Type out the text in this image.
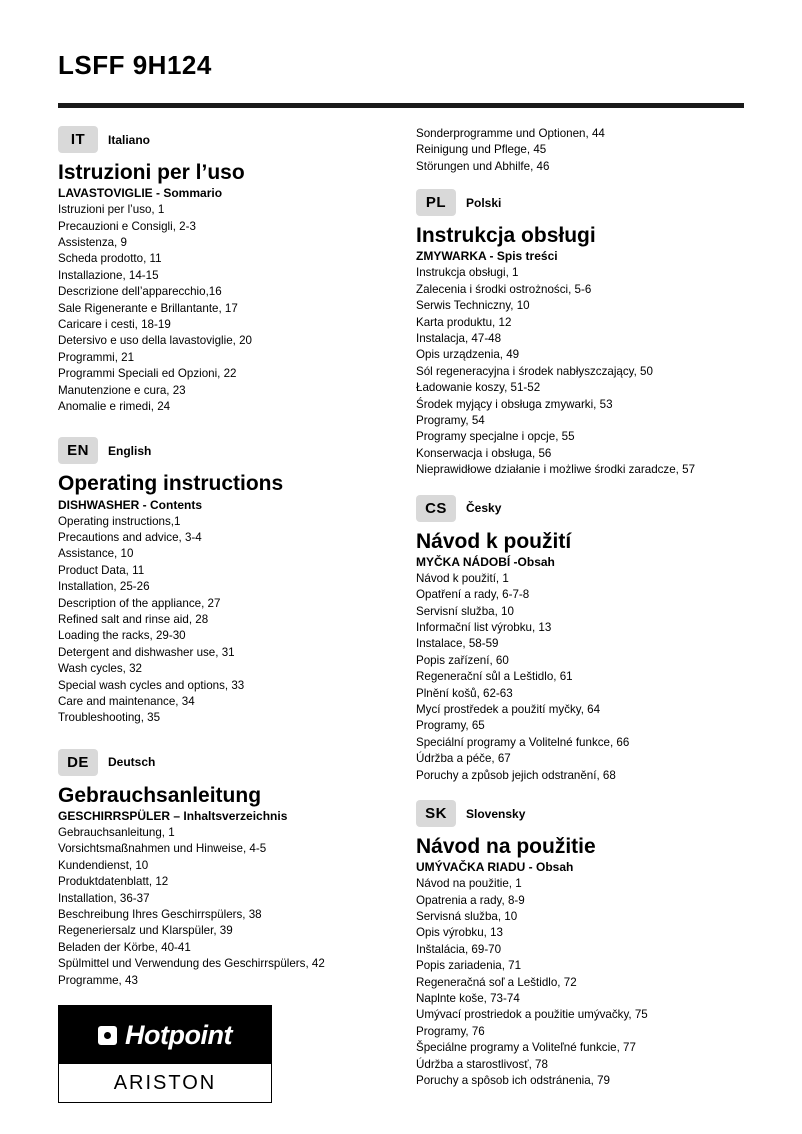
LSFF 9H124
IT	Italiano
Istruzioni per l’uso
LAVASTOVIGLIE - Sommario
Istruzioni per l’uso, 1
Precauzioni e Consigli, 2-3
Assistenza, 9
Scheda prodotto, 11
Installazione, 14-15
Descrizione dell’apparecchio,16
Sale Rigenerante e Brillantante, 17
Caricare i cesti, 18-19
Detersivo e uso della lavastoviglie, 20
Programmi, 21
Programmi Speciali ed Opzioni, 22
Manutenzione e cura, 23
Anomalie e rimedi, 24
EN	English
Operating instructions
DISHWASHER - Contents
Operating instructions,1
Precautions and advice, 3-4
Assistance, 10
Product Data, 11
Installation, 25-26
Description of the appliance, 27
Refined salt and rinse aid, 28
Loading the racks, 29-30
Detergent and dishwasher use, 31
Wash cycles, 32
Special wash cycles and options, 33
Care and maintenance, 34
Troubleshooting, 35
DE	Deutsch
Gebrauchsanleitung
GESCHIRRSPÜLER – Inhaltsverzeichnis
Gebrauchsanleitung, 1
Vorsichtsmaßnahmen und Hinweise, 4-5
Kundendienst, 10
Produktdatenblatt, 12
Installation, 36-37
Beschreibung Ihres Geschirrspülers, 38
Regeneriersalz und Klarspüler, 39
Beladen der Körbe, 40-41
Spülmittel und Verwendung des Geschirrspülers, 42
Programme, 43
Hotpoint
ARISTON
Sonderprogramme und Optionen, 44
Reinigung und Pflege, 45
Störungen und Abhilfe, 46
PL	Polski
Instrukcja obsługi
ZMYWARKA - Spis treści
Instrukcja obsługi, 1
Zalecenia i środki ostrożności, 5-6
Serwis Techniczny, 10
Karta produktu, 12
Instalacja, 47-48
Opis urządzenia, 49
Sól regeneracyjna i środek nabłyszczający, 50
Ładowanie koszy, 51-52
Środek myjący i obsługa zmywarki, 53
Programy, 54
Programy specjalne i opcje, 55
Konserwacja i obsługa, 56
Nieprawidłowe działanie i możliwe środki zaradcze, 57
CS	Česky
Návod k použití
MYČKA NÁDOBÍ -Obsah
Návod k použití, 1
Opatření a rady, 6-7-8
Servisní služba, 10
Informační list výrobku, 13
Instalace, 58-59
Popis zařízení, 60
Regenerační sůl a Leštidlo, 61
Plnění košů, 62-63
Mycí prostředek a použití myčky, 64
Programy, 65
Speciální programy a Volitelné funkce, 66
Údržba a péče, 67
Poruchy a způsob jejich odstranění, 68
SK	Slovensky
Návod na použitie
UMÝVAČKA RIADU - Obsah
Návod na použitie, 1
Opatrenia a rady, 8-9
Servisná služba, 10
Opis výrobku, 13
Inštalácia, 69-70
Popis zariadenia, 71
Regeneračná soľ a Leštidlo, 72
Naplnte koše, 73-74
Umývací prostriedok a použitie umývačky, 75
Programy, 76
Špeciálne programy a Voliteľné funkcie, 77
Údržba a starostlivosť, 78
Poruchy a spôsob ich odstránenia, 79
